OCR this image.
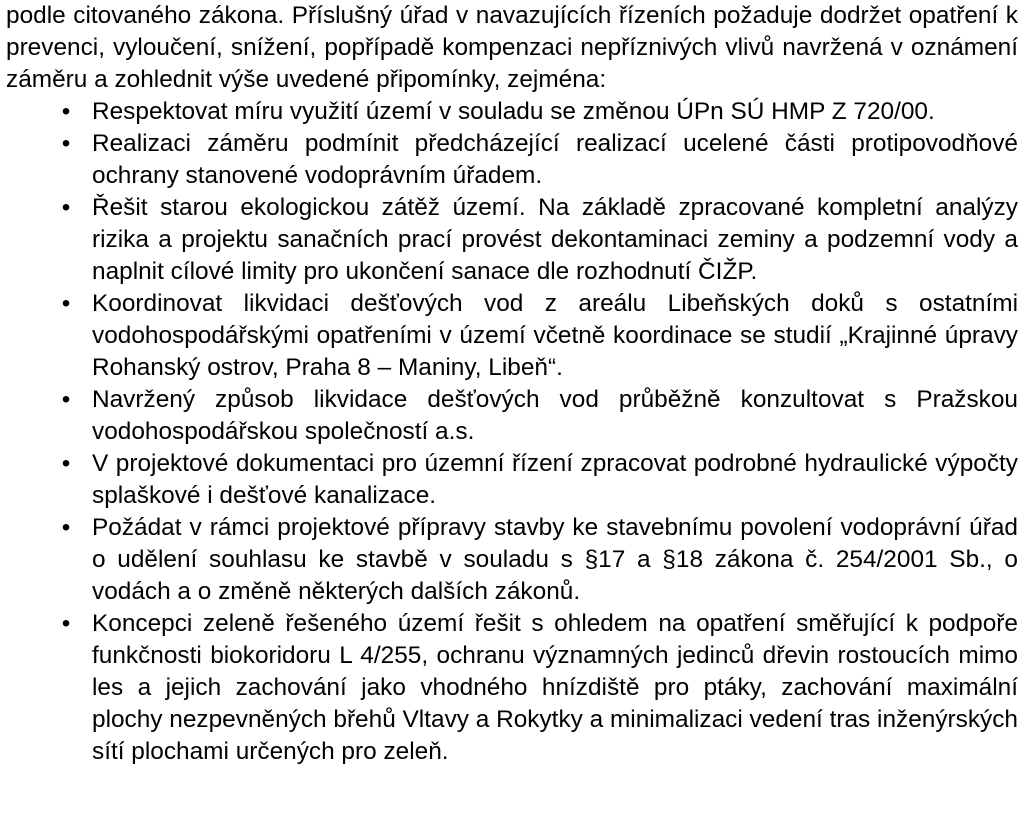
podle citovaného zákona. Příslušný úřad v navazujících řízeních požaduje dodržet opatření k prevenci, vyloučení, snížení, popřípadě kompenzaci nepříznivých vlivů navržená v oznámení záměru a zohlednit výše uvedené připomínky, zejména:

• Respektovat míru využití území v souladu se změnou ÚPn SÚ HMP Z 720/00.
• Realizaci záměru podmínit předcházející realizací ucelené části protipovodňové ochrany stanovené vodoprávním úřadem.
• Řešit starou ekologickou zátěž území. Na základě zpracované kompletní analýzy rizika a projektu sanačních prací provést dekontaminaci zeminy a podzemní vody a naplnit cílové limity pro ukončení sanace dle rozhodnutí ČIŽP.
• Koordinovat likvidaci dešťových vod z areálu Libeňských doků s ostatními vodohospodářskými opatřeními v území včetně koordinace se studií „Krajinné úpravy Rohanský ostrov, Praha 8 – Maniny, Libeň“.
• Navržený způsob likvidace dešťových vod průběžně konzultovat s Pražskou vodohospodářskou společností a.s.
• V projektové dokumentaci pro územní řízení zpracovat podrobné hydraulické výpočty splaškové i dešťové kanalizace.
• Požádat v rámci projektové přípravy stavby ke stavebnímu povolení vodoprávní úřad o udělení souhlasu ke stavbě v souladu s §17 a §18 zákona č. 254/2001 Sb., o vodách a o změně některých dalších zákonů.
• Koncepci zeleně řešeného území řešit s ohledem na opatření směřující k podpoře funkčnosti biokoridoru L 4/255, ochranu významných jedinců dřevin rostoucích mimo les a jejich zachování jako vhodného hnízdiště pro ptáky, zachování maximální plochy nezpevněných břehů Vltavy a Rokytky a minimalizaci vedení tras inženýrských sítí plochami určených pro zeleň.
